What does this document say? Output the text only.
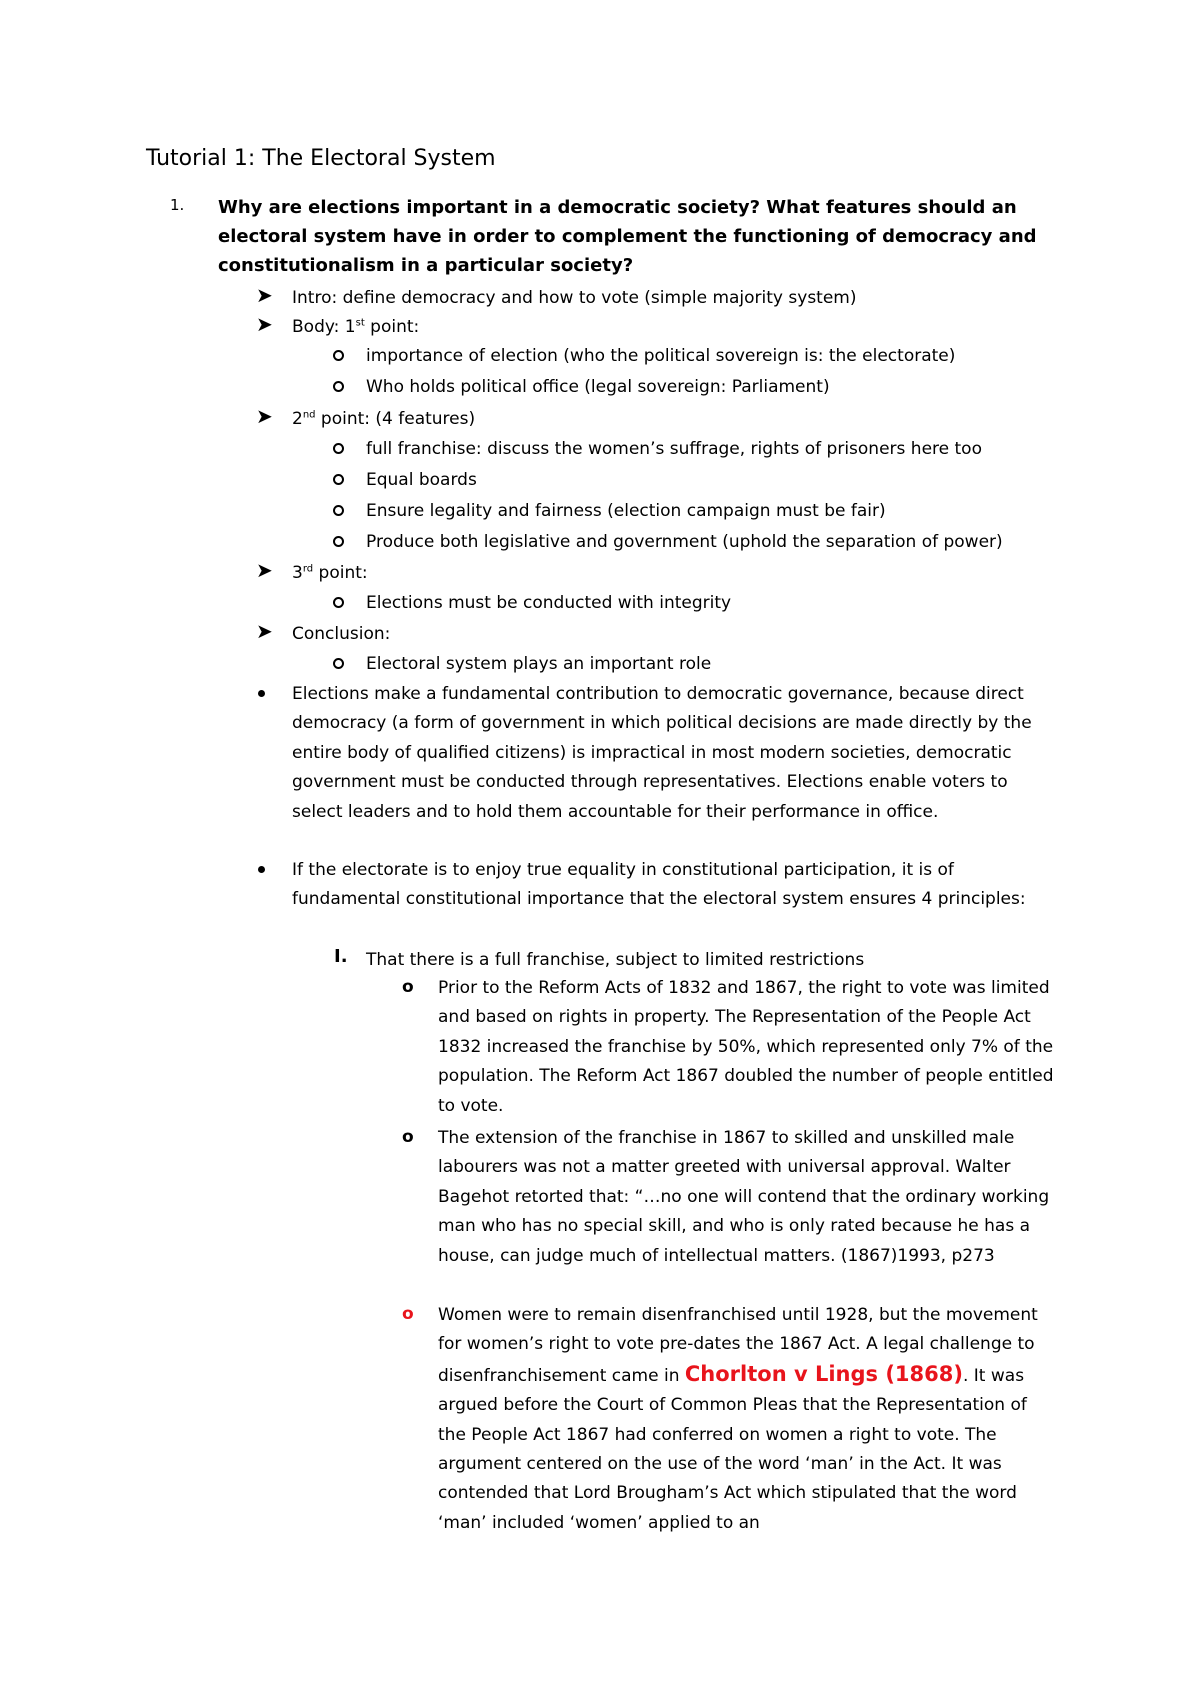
Tutorial 1: The Electoral System
1. Why are elections important in a democratic society? What features should an electoral system have in order to complement the functioning of democracy and constitutionalism in a particular society?
➤ Intro: define democracy and how to vote (simple majority system)
➤ Body: 1st point:
importance of election (who the political sovereign is: the electorate)
Who holds political office (legal sovereign: Parliament)
➤ 2nd point: (4 features)
full franchise: discuss the women’s suffrage, rights of prisoners here too
Equal boards
Ensure legality and fairness (election campaign must be fair)
Produce both legislative and government (uphold the separation of power)
➤ 3rd point:
Elections must be conducted with integrity
➤ Conclusion:
Electoral system plays an important role
Elections make a fundamental contribution to democratic governance, because direct democracy (a form of government in which political decisions are made directly by the entire body of qualified citizens) is impractical in most modern societies, democratic government must be conducted through representatives. Elections enable voters to select leaders and to hold them accountable for their performance in office.
If the electorate is to enjoy true equality in constitutional participation, it is of fundamental constitutional importance that the electoral system ensures 4 principles:
I. That there is a full franchise, subject to limited restrictions
o Prior to the Reform Acts of 1832 and 1867, the right to vote was limited and based on rights in property. The Representation of the People Act 1832 increased the franchise by 50%, which represented only 7% of the population. The Reform Act 1867 doubled the number of people entitled to vote.
o The extension of the franchise in 1867 to skilled and unskilled male labourers was not a matter greeted with universal approval. Walter Bagehot retorted that: “…no one will contend that the ordinary working man who has no special skill, and who is only rated because he has a house, can judge much of intellectual matters. (1867)1993, p273
o Women were to remain disenfranchised until 1928, but the movement for women’s right to vote pre-dates the 1867 Act. A legal challenge to disenfranchisement came in Chorlton v Lings (1868). It was argued before the Court of Common Pleas that the Representation of the People Act 1867 had conferred on women a right to vote. The argument centered on the use of the word ‘man’ in the Act. It was contended that Lord Brougham’s Act which stipulated that the word ‘man’ included ‘women’ applied to an
